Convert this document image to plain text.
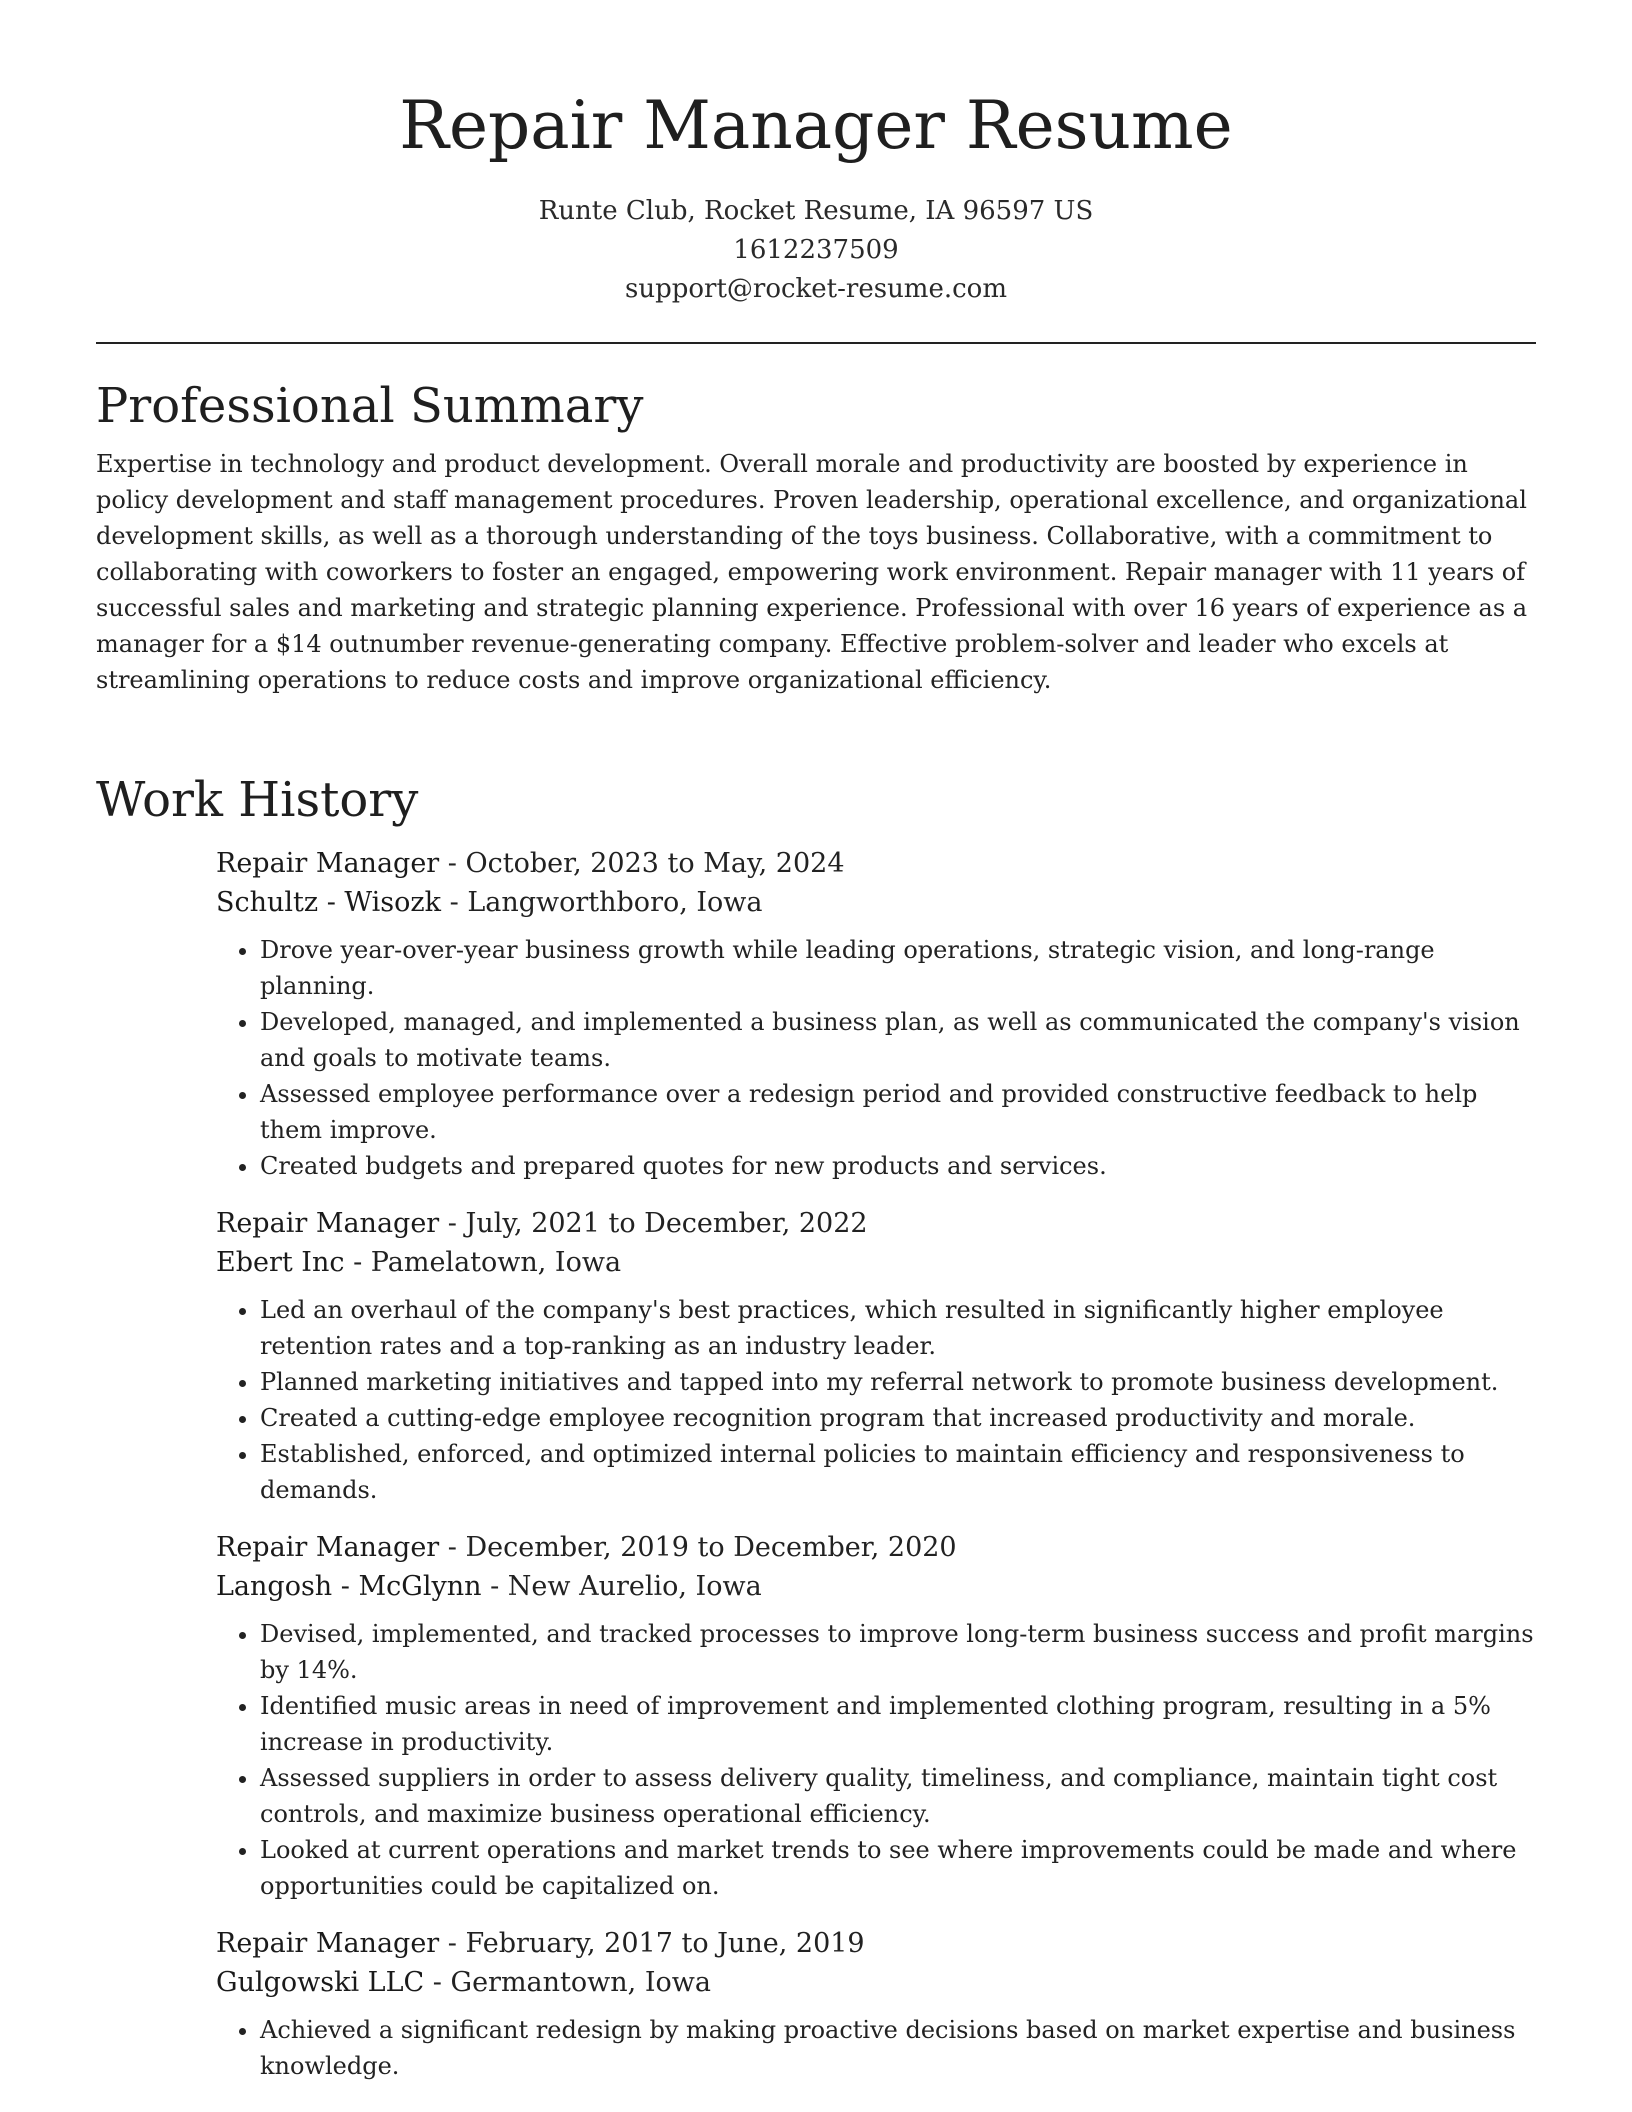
Repair Manager Resume
Runte Club, Rocket Resume, IA 96597 US
1612237509
support@rocket-resume.com
Professional Summary

Expertise in technology and product development. Overall morale and productivity are boosted by experience in policy development and staff management procedures. Proven leadership, operational excellence, and organizational development skills, as well as a thorough understanding of the toys business. Collaborative, with a commitment to collaborating with coworkers to foster an engaged, empowering work environment. Repair manager with 11 years of successful sales and marketing and strategic planning experience. Professional with over 16 years of experience as a manager for a $14 outnumber revenue-generating company. Effective problem-solver and leader who excels at streamlining operations to reduce costs and improve organizational efficiency.

Work History
Repair Manager - October, 2023 to May, 2024
Schultz - Wisozk - Langworthboro, Iowa
• Drove year-over-year business growth while leading operations, strategic vision, and long-range planning.
• Developed, managed, and implemented a business plan, as well as communicated the company's vision and goals to motivate teams.
• Assessed employee performance over a redesign period and provided constructive feedback to help them improve.
• Created budgets and prepared quotes for new products and services.
Repair Manager - July, 2021 to December, 2022
Ebert Inc - Pamelatown, Iowa
• Led an overhaul of the company's best practices, which resulted in significantly higher employee retention rates and a top-ranking as an industry leader.
• Planned marketing initiatives and tapped into my referral network to promote business development.
• Created a cutting-edge employee recognition program that increased productivity and morale.
• Established, enforced, and optimized internal policies to maintain efficiency and responsiveness to demands.
Repair Manager - December, 2019 to December, 2020
Langosh - McGlynn - New Aurelio, Iowa
• Devised, implemented, and tracked processes to improve long-term business success and profit margins by 14%.
• Identified music areas in need of improvement and implemented clothing program, resulting in a 5% increase in productivity.
• Assessed suppliers in order to assess delivery quality, timeliness, and compliance, maintain tight cost controls, and maximize business operational efficiency.
• Looked at current operations and market trends to see where improvements could be made and where opportunities could be capitalized on.
Repair Manager - February, 2017 to June, 2019
Gulgowski LLC - Germantown, Iowa
• Achieved a significant redesign by making proactive decisions based on market expertise and business knowledge.
